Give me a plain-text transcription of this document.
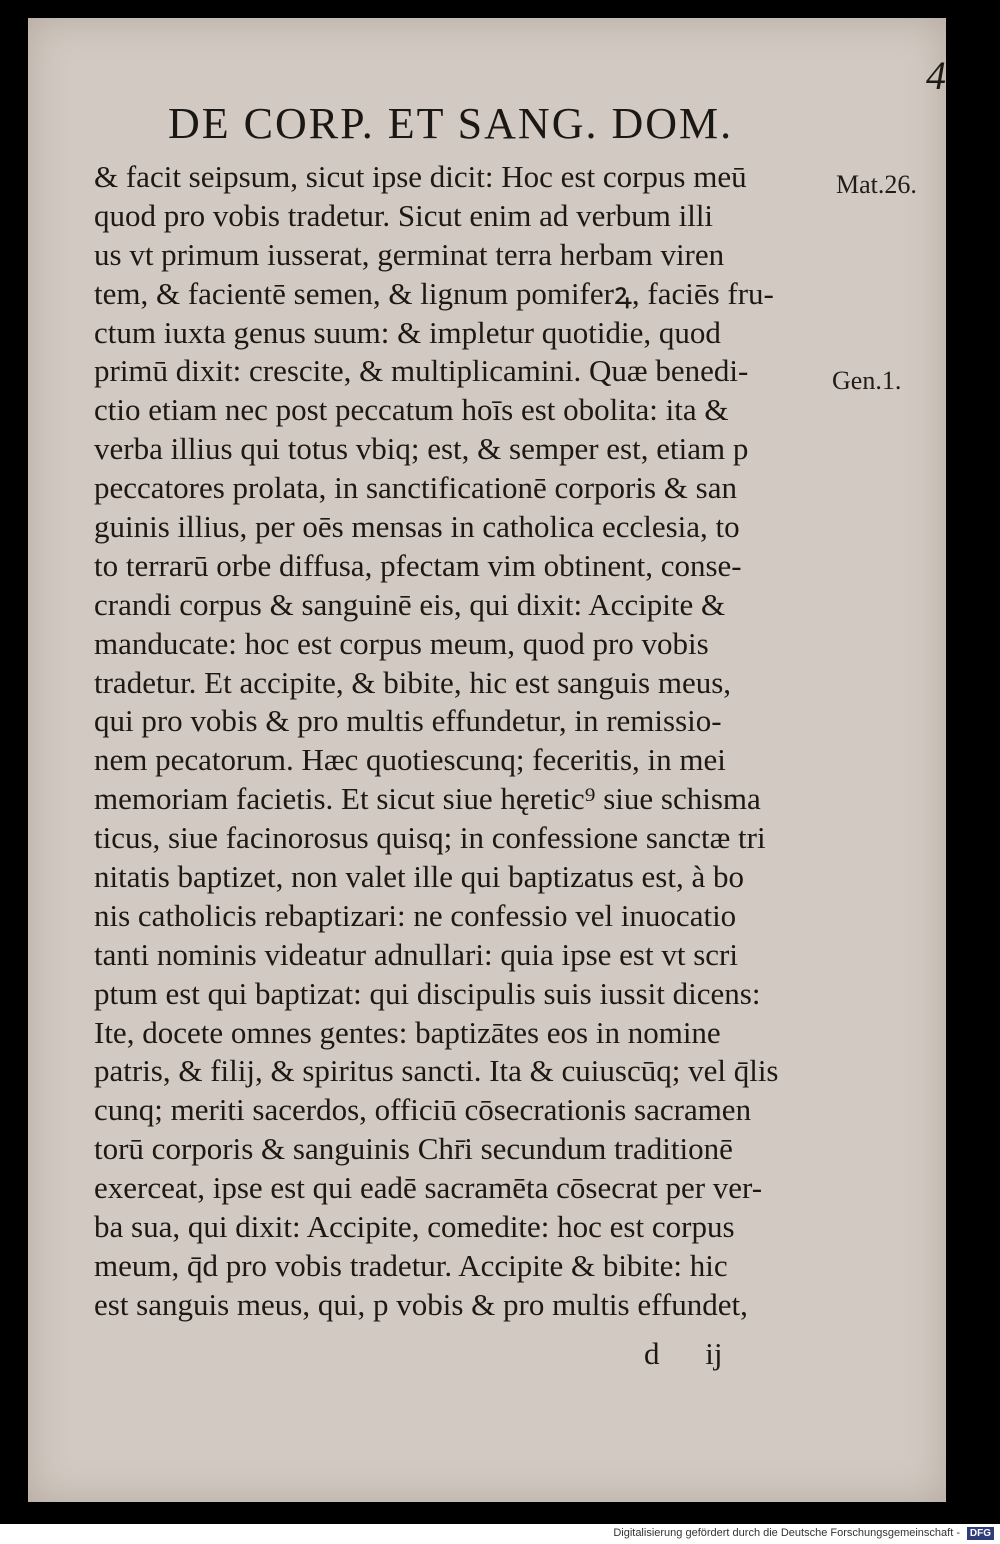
4
DE CORP. ET SANG. DOM.
& facit seipsum, sicut ipse dicit: Hoc est corpus meū
quod pro vobis tradetur. Sicut enim ad verbum illi
us vt primum iusserat, germinat terra herbam viren
tem, & facientē semen, & lignum pomiferꝝ, faciēs fru-
ctum iuxta genus suum: & impletur quotidie, quod
primū dixit: crescite, & multiplicamini. Quæ benedi-
ctio etiam nec post peccatum hoīs est obolita: ita &
verba illius qui totus vbiq; est, & semper est, etiam p
peccatores prolata, in sanctificationē corporis & san
guinis illius, per oēs mensas in catholica ecclesia, to
to terrarū orbe diffusa, pfectam vim obtinent, conse-
crandi corpus & sanguinē eis, qui dixit: Accipite &
manducate: hoc est corpus meum, quod pro vobis
tradetur. Et accipite, & bibite, hic est sanguis meus,
qui pro vobis & pro multis effundetur, in remissio-
nem pecatorum. Hæc quotiescunq; feceritis, in mei
memoriam facietis. Et sicut siue hęretic⁹ siue schisma
ticus, siue facinorosus quisq; in confessione sanctæ tri
nitatis baptizet, non valet ille qui baptizatus est, à bo
nis catholicis rebaptizari: ne confessio vel inuocatio
tanti nominis videatur adnullari: quia ipse est vt scri
ptum est qui baptizat: qui discipulis suis iussit dicens:
Ite, docete omnes gentes: baptizātes eos in nomine
patris, & filij, & spiritus sancti. Ita & cuiuscūq; vel q̄lis
cunq; meriti sacerdos, officiū cōsecrationis sacramen
torū corporis & sanguinis Chr̄i secundum traditionē
exerceat, ipse est qui eadē sacramēta cōsecrat per ver-
ba sua, qui dixit: Accipite, comedite: hoc est corpus
meum, q̄d pro vobis tradetur. Accipite & bibite: hic
est sanguis meus, qui, p vobis & pro multis effundet,
Mat.26.
Gen.1.
d ij
Digitalisierung gefördert durch die Deutsche Forschungsgemeinschaft - DFG
